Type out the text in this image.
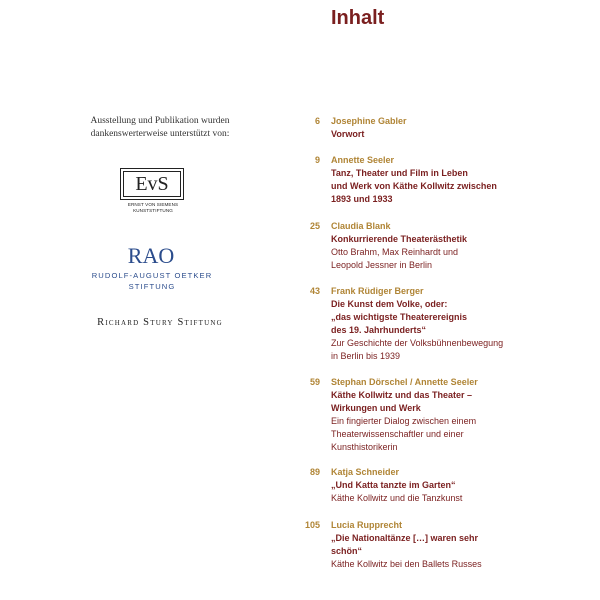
Inhalt
Ausstellung und Publikation wurden
dankenswerterweise unterstützt von:
EvS
ERNST VON SIEMENS
KUNSTSTIFTUNG
RAO
RUDOLF-AUGUST OETKER
STIFTUNG
Richard Stury Stiftung
6 Josephine Gabler
Vorwort
9 Annette Seeler
Tanz, Theater und Film in Leben
und Werk von Käthe Kollwitz zwischen
1893 und 1933
25 Claudia Blank
Konkurrierende Theaterästhetik
Otto Brahm, Max Reinhardt und
Leopold Jessner in Berlin
43 Frank Rüdiger Berger
Die Kunst dem Volke, oder:
„das wichtigste Theaterereignis
des 19. Jahrhunderts“
Zur Geschichte der Volksbühnenbewegung
in Berlin bis 1939
59 Stephan Dörschel / Annette Seeler
Käthe Kollwitz und das Theater –
Wirkungen und Werk
Ein fingierter Dialog zwischen einem
Theaterwissenschaftler und einer
Kunsthistorikerin
89 Katja Schneider
„Und Katta tanzte im Garten“
Käthe Kollwitz und die Tanzkunst
105 Lucia Rupprecht
„Die Nationaltänze […] waren sehr
schön“
Käthe Kollwitz bei den Ballets Russes
